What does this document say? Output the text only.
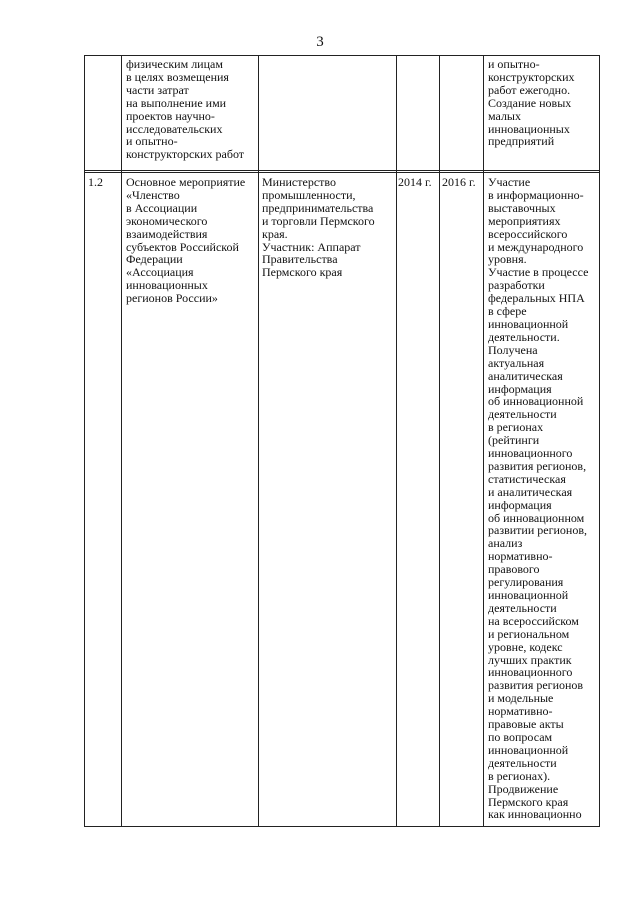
3
физическим лицам
в целях возмещения
части затрат
на выполнение ими
проектов научно-
исследовательских
и опытно-
конструкторских работ
и опытно-
конструкторских
работ ежегодно.
Создание новых
малых
инновационных
предприятий
1.2	Основное мероприятие
«Членство
в Ассоциации
экономического
взаимодействия
субъектов Российской
Федерации
«Ассоциация
инновационных
регионов России»
Министерство
промышленности,
предпринимательства
и торговли Пермского
края.
Участник: Аппарат
Правительства
Пермского края
2014 г. 2016 г.	Участие
в информационно-
выставочных
мероприятиях
всероссийского
и международного
уровня.
Участие в процессе
разработки
федеральных НПА
в сфере
инновационной
деятельности.
Получена
актуальная
аналитическая
информация
об инновационной
деятельности
в регионах
(рейтинги
инновационного
развития регионов,
статистическая
и аналитическая
информация
об инновационном
развитии регионов,
анализ
нормативно-
правового
регулирования
инновационной
деятельности
на всероссийском
и региональном
уровне, кодекс
лучших практик
инновационного
развития регионов
и модельные
нормативно-
правовые акты
по вопросам
инновационной
деятельности
в регионах).
Продвижение
Пермского края
как инновационно
